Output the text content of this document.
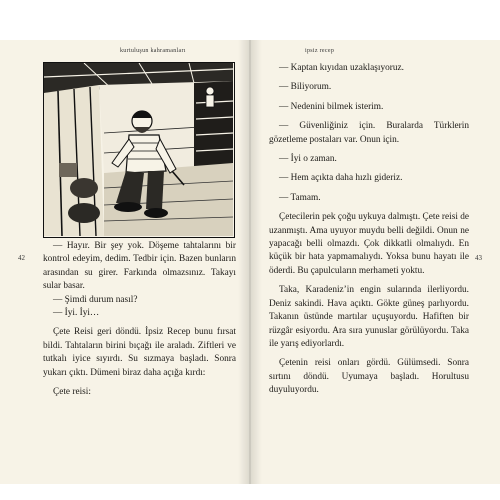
kurtuluşun kahramanları
42

— Hayır. Bir şey yok. Döşeme tahtalarını bir kontrol edeyim, dedim. Tedbir için. Bazen bunların arasından su girer. Farkında olmazsınız. Takayı sular basar.

— Şimdi durum nasıl?

— İyi. İyi…

Çete Reisi geri döndü. İpsiz Recep bunu fırsat bildi. Tahtaların birini bıçağı ile araladı. Ziftleri ve tutkalı iyice sıyırdı. Su sızmaya başladı. Sonra yukarı çıktı. Dümeni biraz daha açığa kırdı:

Çete reisi:

ipsiz recep
43

— Kaptan kıyıdan uzaklaşıyoruz.

— Biliyorum.

— Nedenini bilmek isterim.

— Güvenliğiniz için. Buralarda Türklerin gözetleme postaları var. Onun için.

— İyi o zaman.

— Hem açıkta daha hızlı gideriz.

— Tamam.

Çetecilerin pek çoğu uykuya dalmıştı. Çete reisi de uzanmıştı. Ama uyuyor muydu belli değildi. Onun ne yapacağı belli olmazdı. Çok dikkatli olmalıydı. En küçük bir hata yapmamalıydı. Yoksa bunu hayatı ile öderdi. Bu çapulcuların merhameti yoktu.

Taka, Karadeniz’in engin sularında ilerliyordu. Deniz sakindi. Hava açıktı. Gökte güneş parlıyordu. Takanın üstünde martılar uçuşuyordu. Hafiften bir rüzgâr esiyordu. Ara sıra yunuslar görülüyordu. Taka ile yarış ediyorlardı.

Çetenin reisi onları gördü. Gülümsedi. Sonra sırtını döndü. Uyumaya başladı. Horultusu duyuluyordu.
